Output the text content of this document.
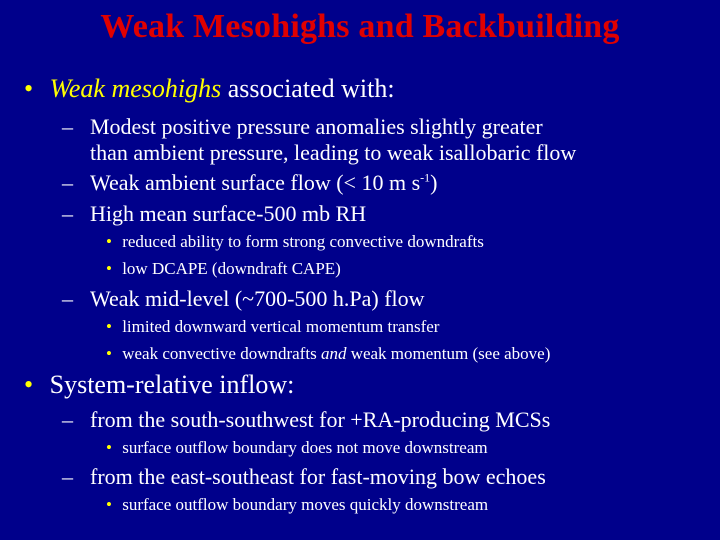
Weak Mesohighs and Backbuilding
• Weak mesohighs associated with:
– Modest positive pressure anomalies slightly greater
than ambient pressure, leading to weak isallobaric flow
– Weak ambient surface flow (< 10 m $s^{-1}$)
– High mean surface-500 mb RH
• reduced ability to form strong convective downdrafts
• low DCAPE (downdraft CAPE)
– Weak mid-level (~700-500 h.Pa) flow
• limited downward vertical momentum transfer
• weak convective downdrafts and weak momentum (see above)
• System-relative inflow:
– from the south-southwest for +RA-producing MCSs
• surface outflow boundary does not move downstream
– from the east-southeast for fast-moving bow echoes
• surface outflow boundary moves quickly downstream
